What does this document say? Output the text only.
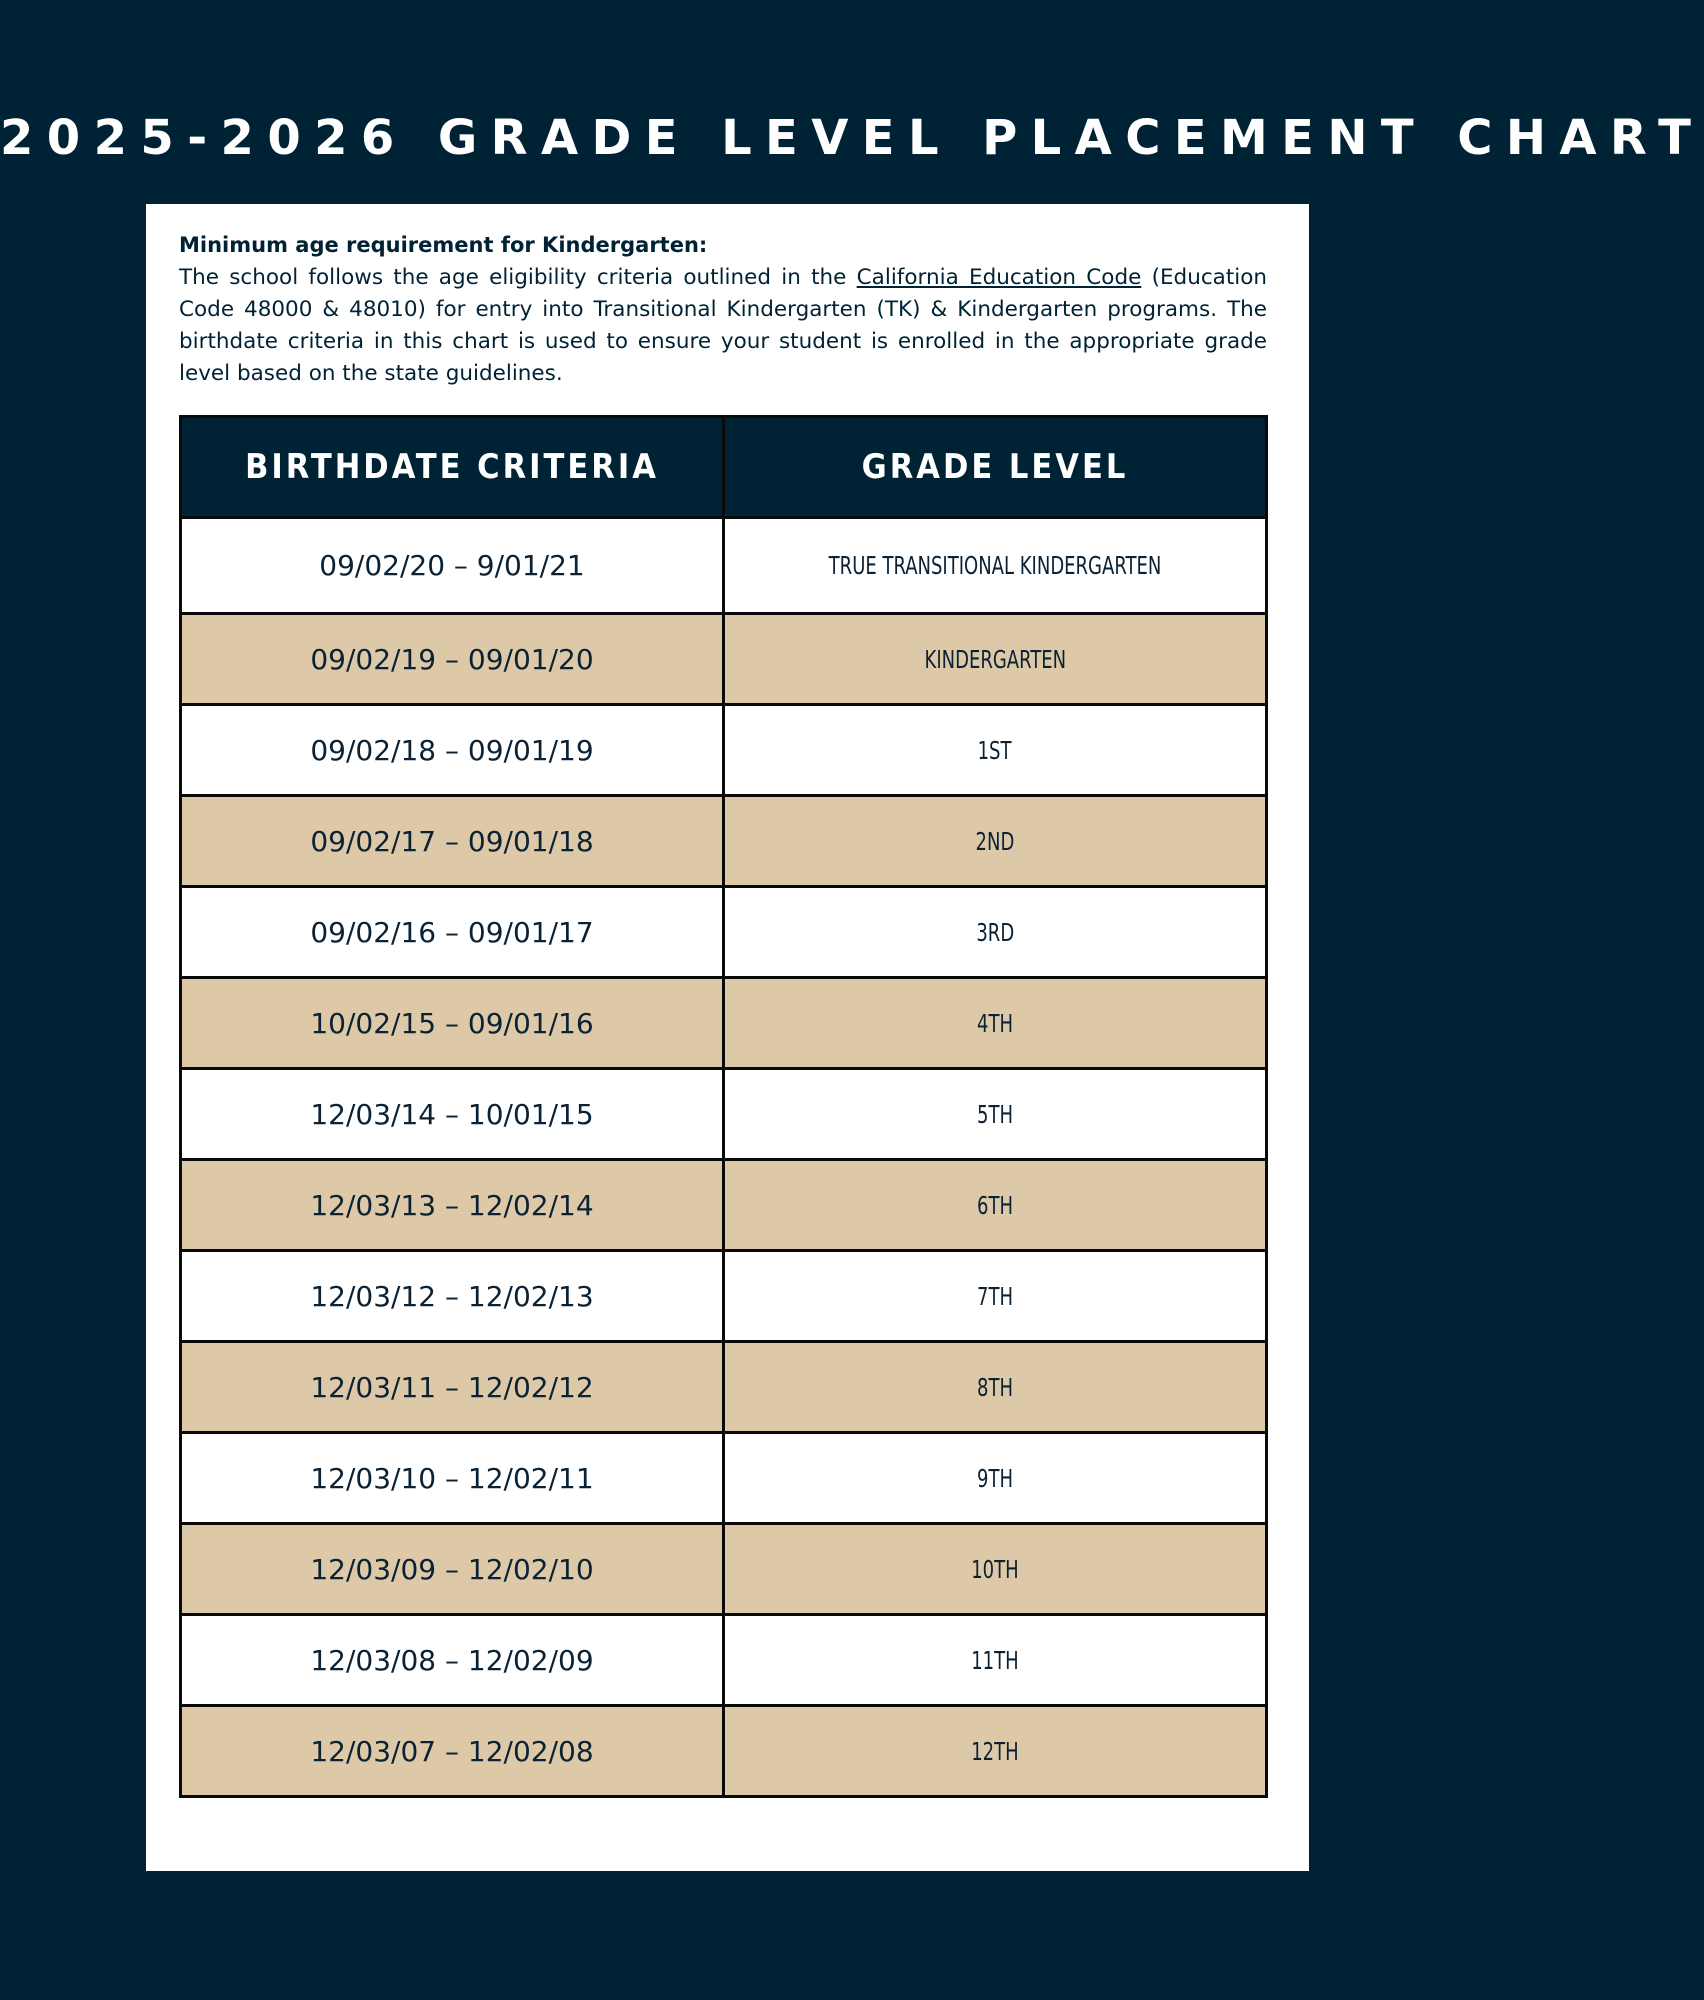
2025-2026 GRADE LEVEL PLACEMENT CHART

Minimum age requirement for Kindergarten:

The school follows the age eligibility criteria outlined in the California Education Code (Education Code 48000 & 48010) for entry into Transitional Kindergarten (TK) & Kindergarten programs. The birthdate criteria in this chart is used to ensure your student is enrolled in the appropriate grade level based on the state guidelines.

BIRTHDATE CRITERIA	GRADE LEVEL
09/02/20 – 9/01/21	TRUE TRANSITIONAL KINDERGARTEN
09/02/19 – 09/01/20	KINDERGARTEN
09/02/18 – 09/01/19	1ST
09/02/17 – 09/01/18	2ND
09/02/16 – 09/01/17	3RD
10/02/15 – 09/01/16	4TH
12/03/14 – 10/01/15	5TH
12/03/13 – 12/02/14	6TH
12/03/12 – 12/02/13	7TH
12/03/11 – 12/02/12	8TH
12/03/10 – 12/02/11	9TH
12/03/09 – 12/02/10	10TH
12/03/08 – 12/02/09	11TH
12/03/07 – 12/02/08	12TH
